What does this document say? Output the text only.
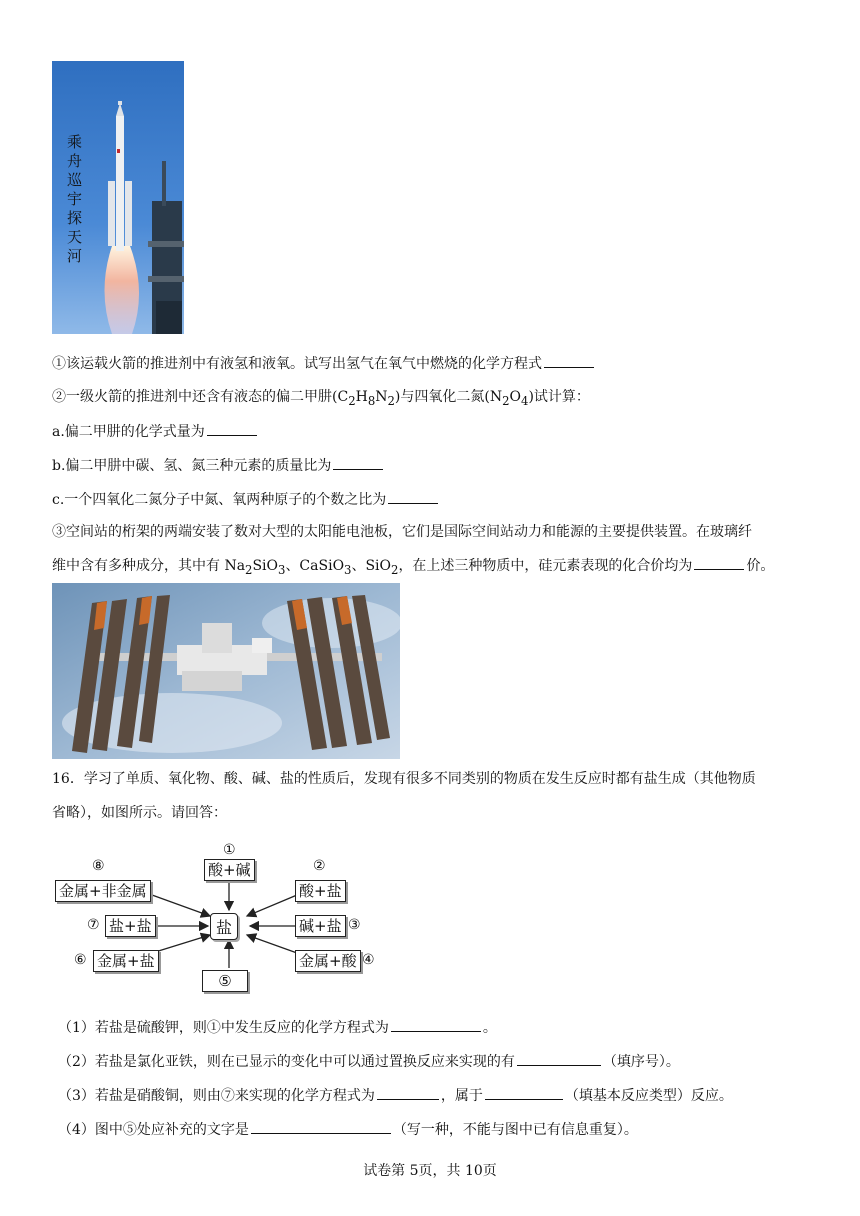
乘舟巡宇探天河
①该运载火箭的推进剂中有液氢和液氧。试写出氢气在氧气中燃烧的化学方程式
②一级火箭的推进剂中还含有液态的偏二甲肼$(C_2H_8N_2)$与四氧化二氮$(N_2O_4)$试计算：
a.偏二甲肼的化学式量为
b.偏二甲肼中碳、氢、氮三种元素的质量比为
c.一个四氧化二氮分子中氮、氧两种原子的个数之比为
③空间站的桁架的两端安装了数对大型的太阳能电池板，它们是国际空间站动力和能源的主要提供装置。在玻璃纤
维中含有多种成分，其中有 $Na_2SiO_3$、CaSiO$_3$、SiO$_2$，在上述三种物质中，硅元素表现的化合价均为	价。
16．学习了单质、氧化物、酸、碱、盐的性质后，发现有很多不同类别的物质在发生反应时都有盐生成（其他物质
省略），如图所示。请回答：
①
酸+碱	②
酸+盐
碱+盐 ③
金属+酸 ④
⑤
⑥ 金属+盐
⑦ 盐+盐
⑧
金属+非金属
盐
（1）若盐是硫酸钾，则①中发生反应的化学方程式为	。
（2）若盐是氯化亚铁，则在已显示的变化中可以通过置换反应来实现的有	（填序号）。
（3）若盐是硝酸铜，则由⑦来实现的化学方程式为	，属于	（填基本反应类型）反应。
（4）图中⑤处应补充的文字是	（写一种，不能与图中已有信息重复）。
试卷第 5页，共 10页
